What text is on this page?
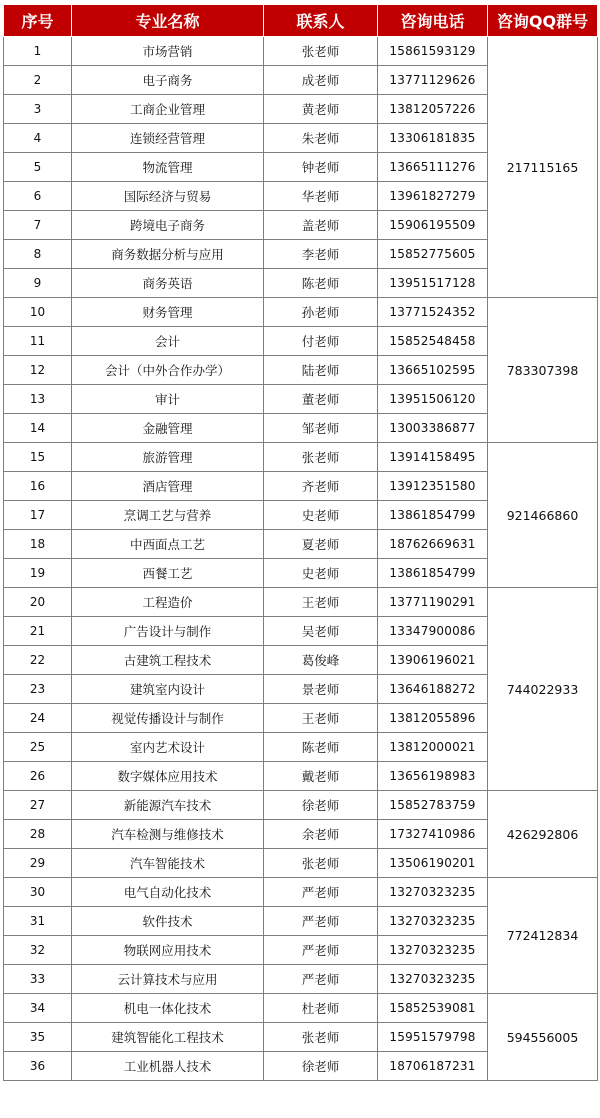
序号	专业名称	联系人	咨询电话	咨询QQ群号
1	市场营销	张老师	15861593129	217115165
2	电子商务	成老师	13771129626	
3	工商企业管理	黄老师	13812057226	
4	连锁经营管理	朱老师	13306181835	
5	物流管理	钟老师	13665111276	
6	国际经济与贸易	华老师	13961827279	
7	跨境电子商务	盖老师	15906195509	
8	商务数据分析与应用	李老师	15852775605	
9	商务英语	陈老师	13951517128	
10	财务管理	孙老师	13771524352	783307398
11	会计	付老师	15852548458	
12	会计（中外合作办学）	陆老师	13665102595	
13	审计	董老师	13951506120	
14	金融管理	邹老师	13003386877	
15	旅游管理	张老师	13914158495	921466860
16	酒店管理	齐老师	13912351580	
17	烹调工艺与营养	史老师	13861854799	
18	中西面点工艺	夏老师	18762669631	
19	西餐工艺	史老师	13861854799	
20	工程造价	王老师	13771190291	744022933
21	广告设计与制作	吴老师	13347900086	
22	古建筑工程技术	葛俊峰	13906196021	
23	建筑室内设计	景老师	13646188272	
24	视觉传播设计与制作	王老师	13812055896	
25	室内艺术设计	陈老师	13812000021	
26	数字媒体应用技术	戴老师	13656198983	
27	新能源汽车技术	徐老师	15852783759	426292806
28	汽车检测与维修技术	余老师	17327410986	
29	汽车智能技术	张老师	13506190201	
30	电气自动化技术	严老师	13270323235	772412834
31	软件技术	严老师	13270323235	
32	物联网应用技术	严老师	13270323235	
33	云计算技术与应用	严老师	13270323235	
34	机电一体化技术	杜老师	15852539081	594556005
35	建筑智能化工程技术	张老师	15951579798	
36	工业机器人技术	徐老师	18706187231	
